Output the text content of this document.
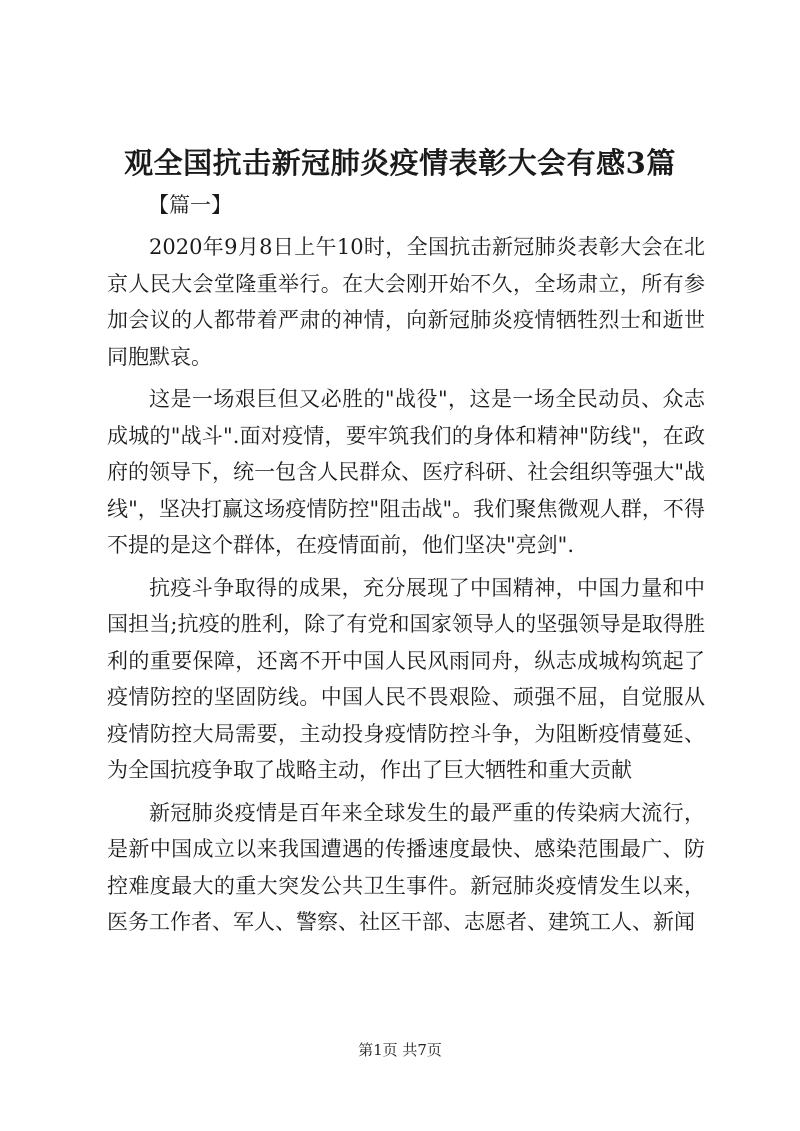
观全国抗击新冠肺炎疫情表彰大会有感3篇

【篇一】

2020年9月8日上午10时，全国抗击新冠肺炎表彰大会在北京人民大会堂隆重举行。在大会刚开始不久，全场肃立，所有参加会议的人都带着严肃的神情，向新冠肺炎疫情牺牲烈士和逝世同胞默哀。

这是一场艰巨但又必胜的"战役"，这是一场全民动员、众志成城的"战斗".面对疫情，要牢筑我们的身体和精神"防线"，在政府的领导下，统一包含人民群众、医疗科研、社会组织等强大"战线"，坚决打赢这场疫情防控"阻击战"。我们聚焦微观人群，不得不提的是这个群体，在疫情面前，他们坚决"亮剑".

抗疫斗争取得的成果，充分展现了中国精神，中国力量和中国担当;抗疫的胜利，除了有党和国家领导人的坚强领导是取得胜利的重要保障，还离不开中国人民风雨同舟，纵志成城构筑起了疫情防控的坚固防线。中国人民不畏艰险、顽强不屈，自觉服从疫情防控大局需要，主动投身疫情防控斗争，为阻断疫情蔓延、为全国抗疫争取了战略主动，作出了巨大牺牲和重大贡献

新冠肺炎疫情是百年来全球发生的最严重的传染病大流行，是新中国成立以来我国遭遇的传播速度最快、感染范围最广、防控难度最大的重大突发公共卫生事件。新冠肺炎疫情发生以来，医务工作者、军人、警察、社区干部、志愿者、建筑工人、新闻

第1页 共7页
